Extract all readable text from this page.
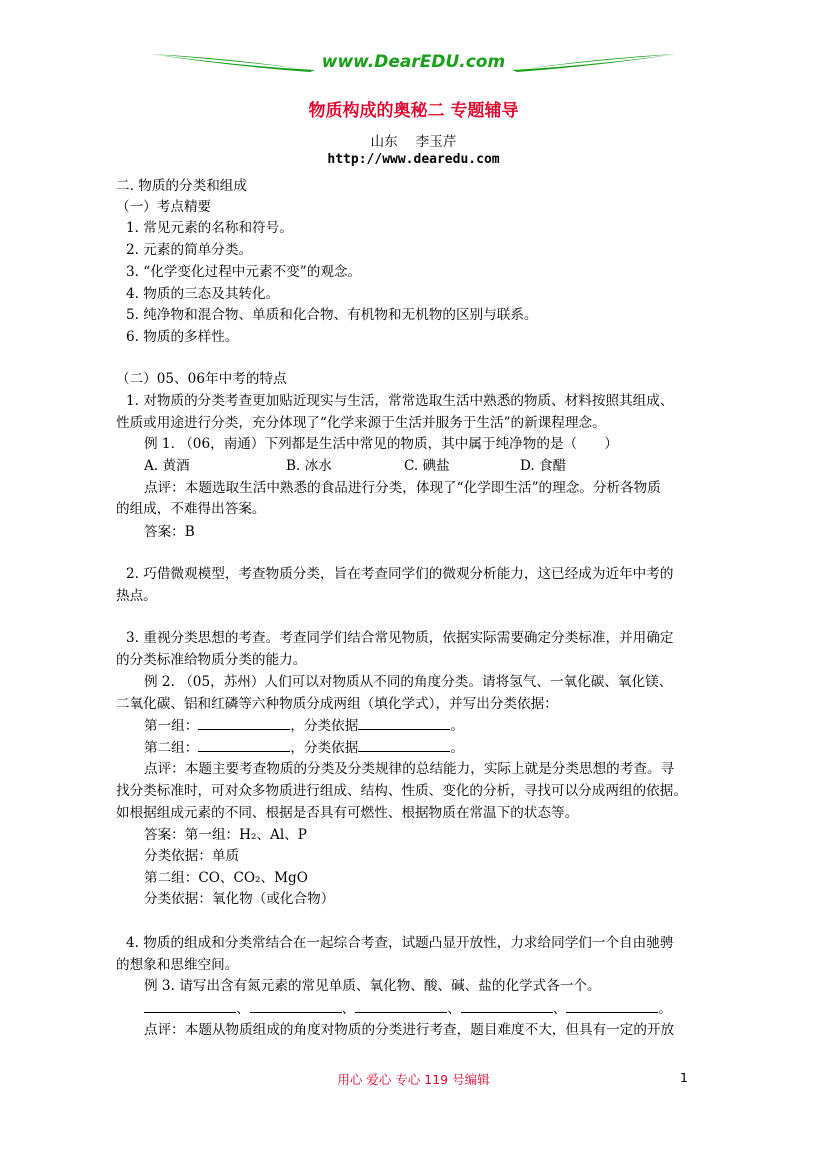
www.DearEDU.com
物质构成的奥秘二 专题辅导
山东　 李玉芹
http://www.dearedu.com
二. 物质的分类和组成
（一）考点精要
1. 常见元素的名称和符号。
2. 元素的简单分类。
3. “化学变化过程中元素不变”的观念。
4. 物质的三态及其转化。
5. 纯净物和混合物、单质和化合物、有机物和无机物的区别与联系。
6. 物质的多样性。
（二）05、06年中考的特点
1. 对物质的分类考查更加贴近现实与生活，常常选取生活中熟悉的物质、材料按照其组成、
性质或用途进行分类，充分体现了“化学来源于生活并服务于生活”的新课程理念。
例 1. （06，南通）下列都是生活中常见的物质，其中属于纯净物的是（　　）
A. 黄酒	B. 冰水	C. 碘盐	D. 食醋
点评：本题选取生活中熟悉的食品进行分类，体现了“化学即生活”的理念。分析各物质
的组成，不难得出答案。
答案：B
2. 巧借微观模型，考查物质分类，旨在考查同学们的微观分析能力，这已经成为近年中考的
热点。
3. 重视分类思想的考查。考查同学们结合常见物质，依据实际需要确定分类标准，并用确定
的分类标准给物质分类的能力。
例 2. （05，苏州）人们可以对物质从不同的角度分类。请将氢气、一氧化碳、氧化镁、
二氧化碳、铝和红磷等六种物质分成两组（填化学式），并写出分类依据：
第一组：	，分类依据	。
第二组：	，分类依据	。
点评：本题主要考查物质的分类及分类规律的总结能力，实际上就是分类思想的考查。寻
找分类标准时，可对众多物质进行组成、结构、性质、变化的分析，寻找可以分成两组的依据。
如根据组成元素的不同、根据是否具有可燃性、根据物质在常温下的状态等。
答案：第一组：H₂、Al、P
分类依据：单质
第二组：CO、CO₂、MgO
分类依据：氧化物（或化合物）
4. 物质的组成和分类常结合在一起综合考查，试题凸显开放性，力求给同学们一个自由驰骋
的想象和思维空间。
例 3. 请写出含有氮元素的常见单质、氧化物、酸、碱、盐的化学式各一个。
、	、	、	、	。
点评：本题从物质组成的角度对物质的分类进行考查，题目难度不大，但具有一定的开放
用心 爱心 专心 119 号编辑	1
